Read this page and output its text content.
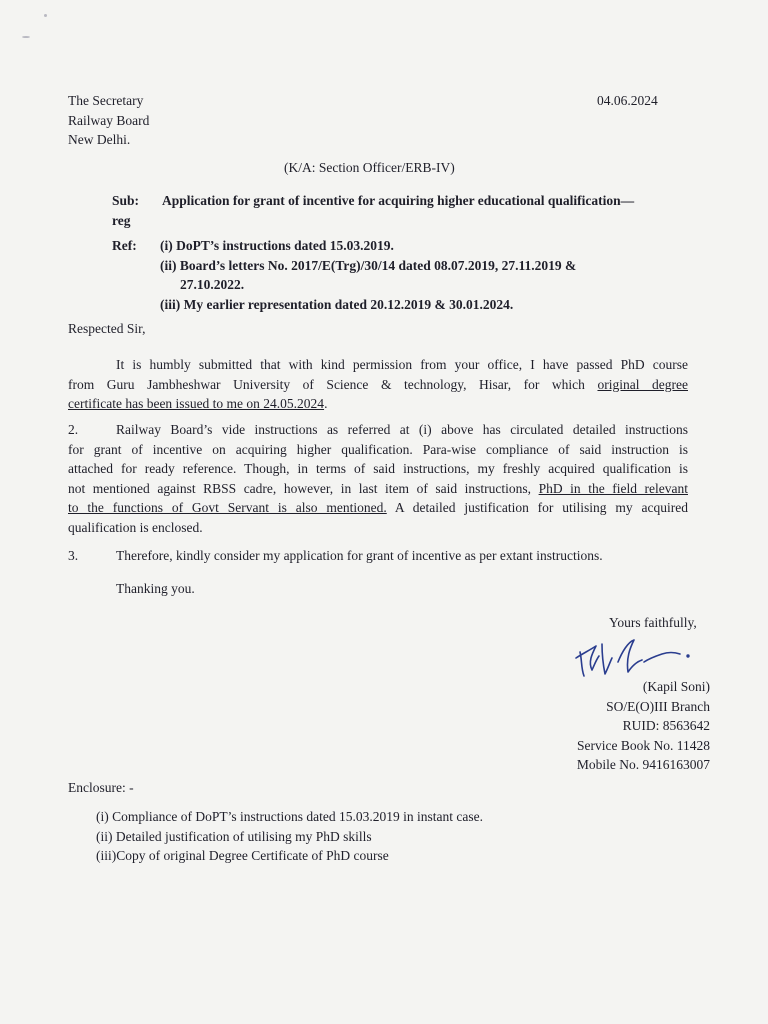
The Secretary
Railway Board
New Delhi.
04.06.2024
(K/A: Section Officer/ERB-IV)
Sub:	Application for grant of incentive for acquiring higher educational qualification—
reg
Ref: (i) DoPT’s instructions dated 15.03.2019.
(ii) Board’s letters No. 2017/E(Trg)/30/14 dated 08.07.2019, 27.11.2019 &
27.10.2022.
(iii) My earlier representation dated 20.12.2019 & 30.01.2024.
Respected Sir,
It is humbly submitted that with kind permission from your office, I have passed PhD course
from Guru Jambheshwar University of Science & technology, Hisar, for which original degree
certificate has been issued to me on 24.05.2024.
2.	Railway Board’s vide instructions as referred at (i) above has circulated detailed instructions
for grant of incentive on acquiring higher qualification. Para-wise compliance of said instruction is
attached for ready reference. Though, in terms of said instructions, my freshly acquired qualification is
not mentioned against RBSS cadre, however, in last item of said instructions, PhD in the field relevant
to the functions of Govt Servant is also mentioned. A detailed justification for utilising my acquired
qualification is enclosed.
3.	Therefore, kindly consider my application for grant of incentive as per extant instructions.
Thanking you.
Yours faithfully,
(Kapil Soni)
SO/E(O)III Branch
RUID: 8563642
Service Book No. 11428
Mobile No. 9416163007
Enclosure: -
(i) Compliance of DoPT’s instructions dated 15.03.2019 in instant case.
(ii) Detailed justification of utilising my PhD skills
(iii)Copy of original Degree Certificate of PhD course
